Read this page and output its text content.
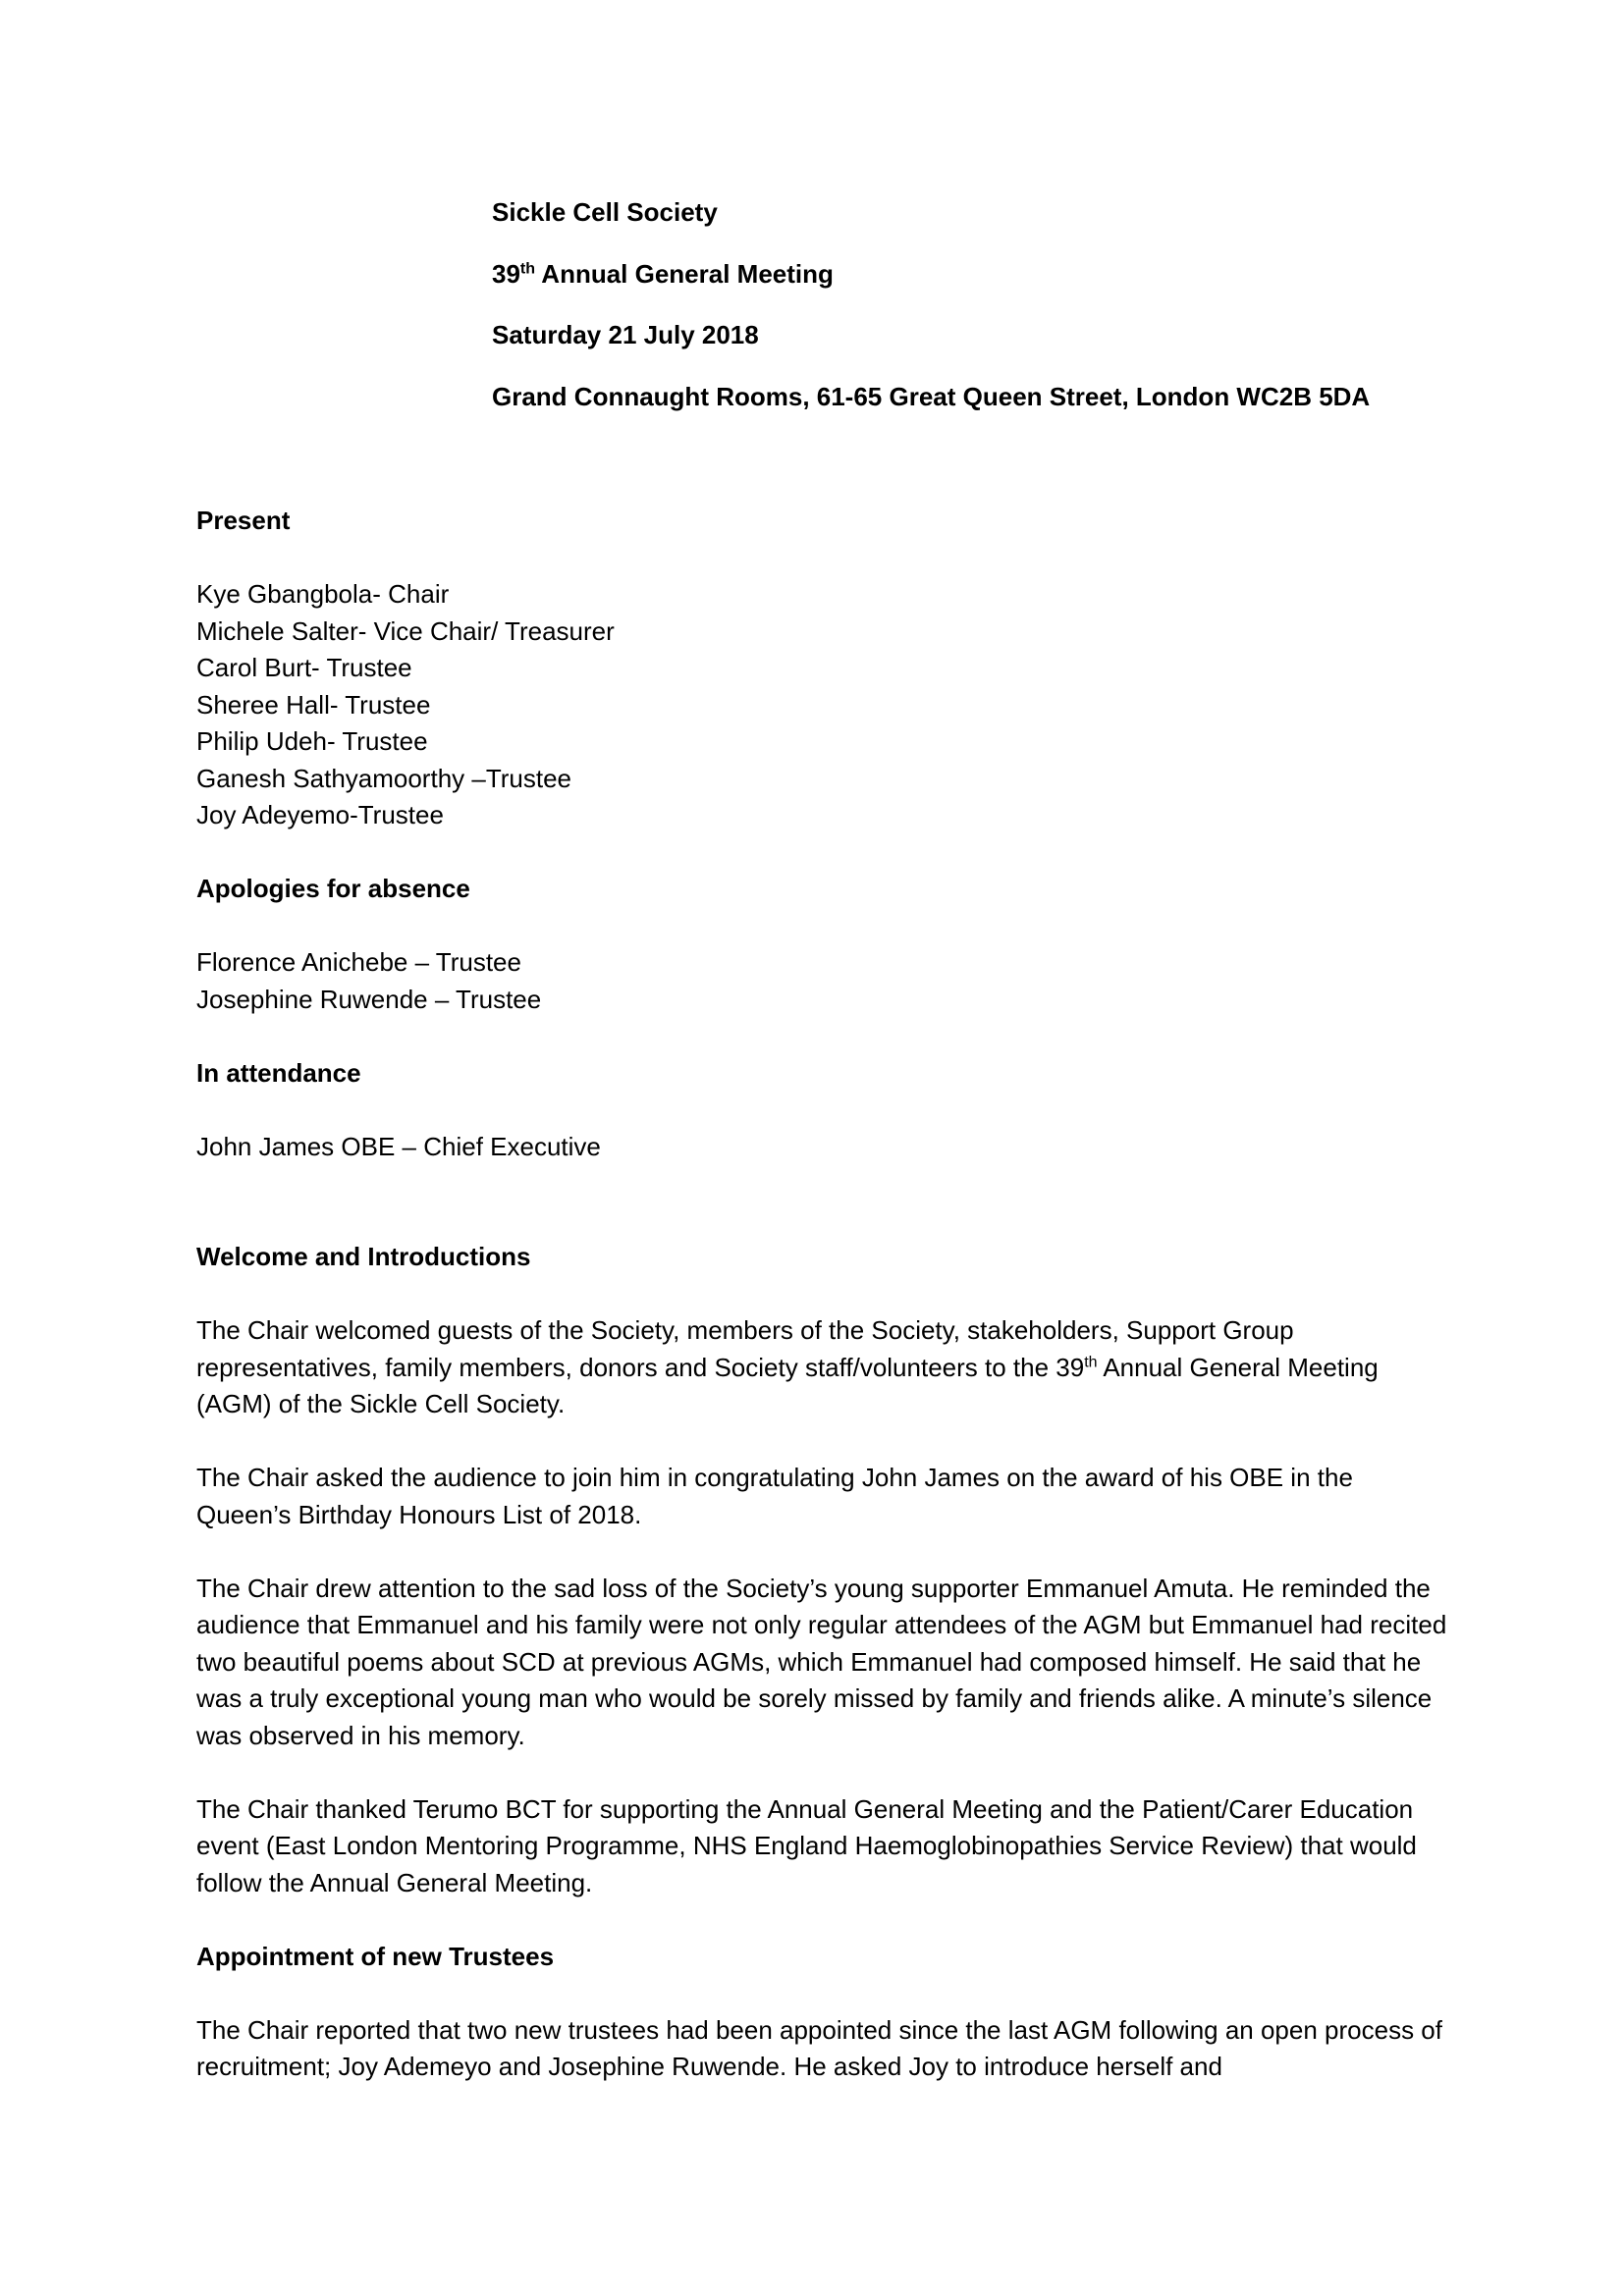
Sickle Cell Society

39th Annual General Meeting

Saturday 21 July 2018

Grand Connaught Rooms, 61-65 Great Queen Street, London WC2B 5DA

Present

Kye Gbangbola- Chair

Michele Salter- Vice Chair/ Treasurer

Carol Burt- Trustee

Sheree Hall- Trustee

Philip Udeh- Trustee

Ganesh Sathyamoorthy –Trustee

Joy Adeyemo-Trustee

Apologies for absence

Florence Anichebe – Trustee

Josephine Ruwende – Trustee

In attendance

John James OBE – Chief Executive

Welcome and Introductions

The Chair welcomed guests of the Society, members of the Society, stakeholders, Support Group representatives, family members, donors and Society staff/volunteers to the 39th Annual General Meeting (AGM) of the Sickle Cell Society.

The Chair asked the audience to join him in congratulating John James on the award of his OBE in the Queen’s Birthday Honours List of 2018.

The Chair drew attention to the sad loss of the Society’s young supporter Emmanuel Amuta. He reminded the audience that Emmanuel and his family were not only regular attendees of the AGM but Emmanuel had recited two beautiful poems about SCD at previous AGMs, which Emmanuel had composed himself. He said that he was a truly exceptional young man who would be sorely missed by family and friends alike. A minute’s silence was observed in his memory.

The Chair thanked Terumo BCT for supporting the Annual General Meeting and the Patient/Carer Education event (East London Mentoring Programme, NHS England Haemoglobinopathies Service Review) that would follow the Annual General Meeting.

Appointment of new Trustees

The Chair reported that two new trustees had been appointed since the last AGM following an open process of recruitment; Joy Ademeyo and Josephine Ruwende. He asked Joy to introduce herself and
